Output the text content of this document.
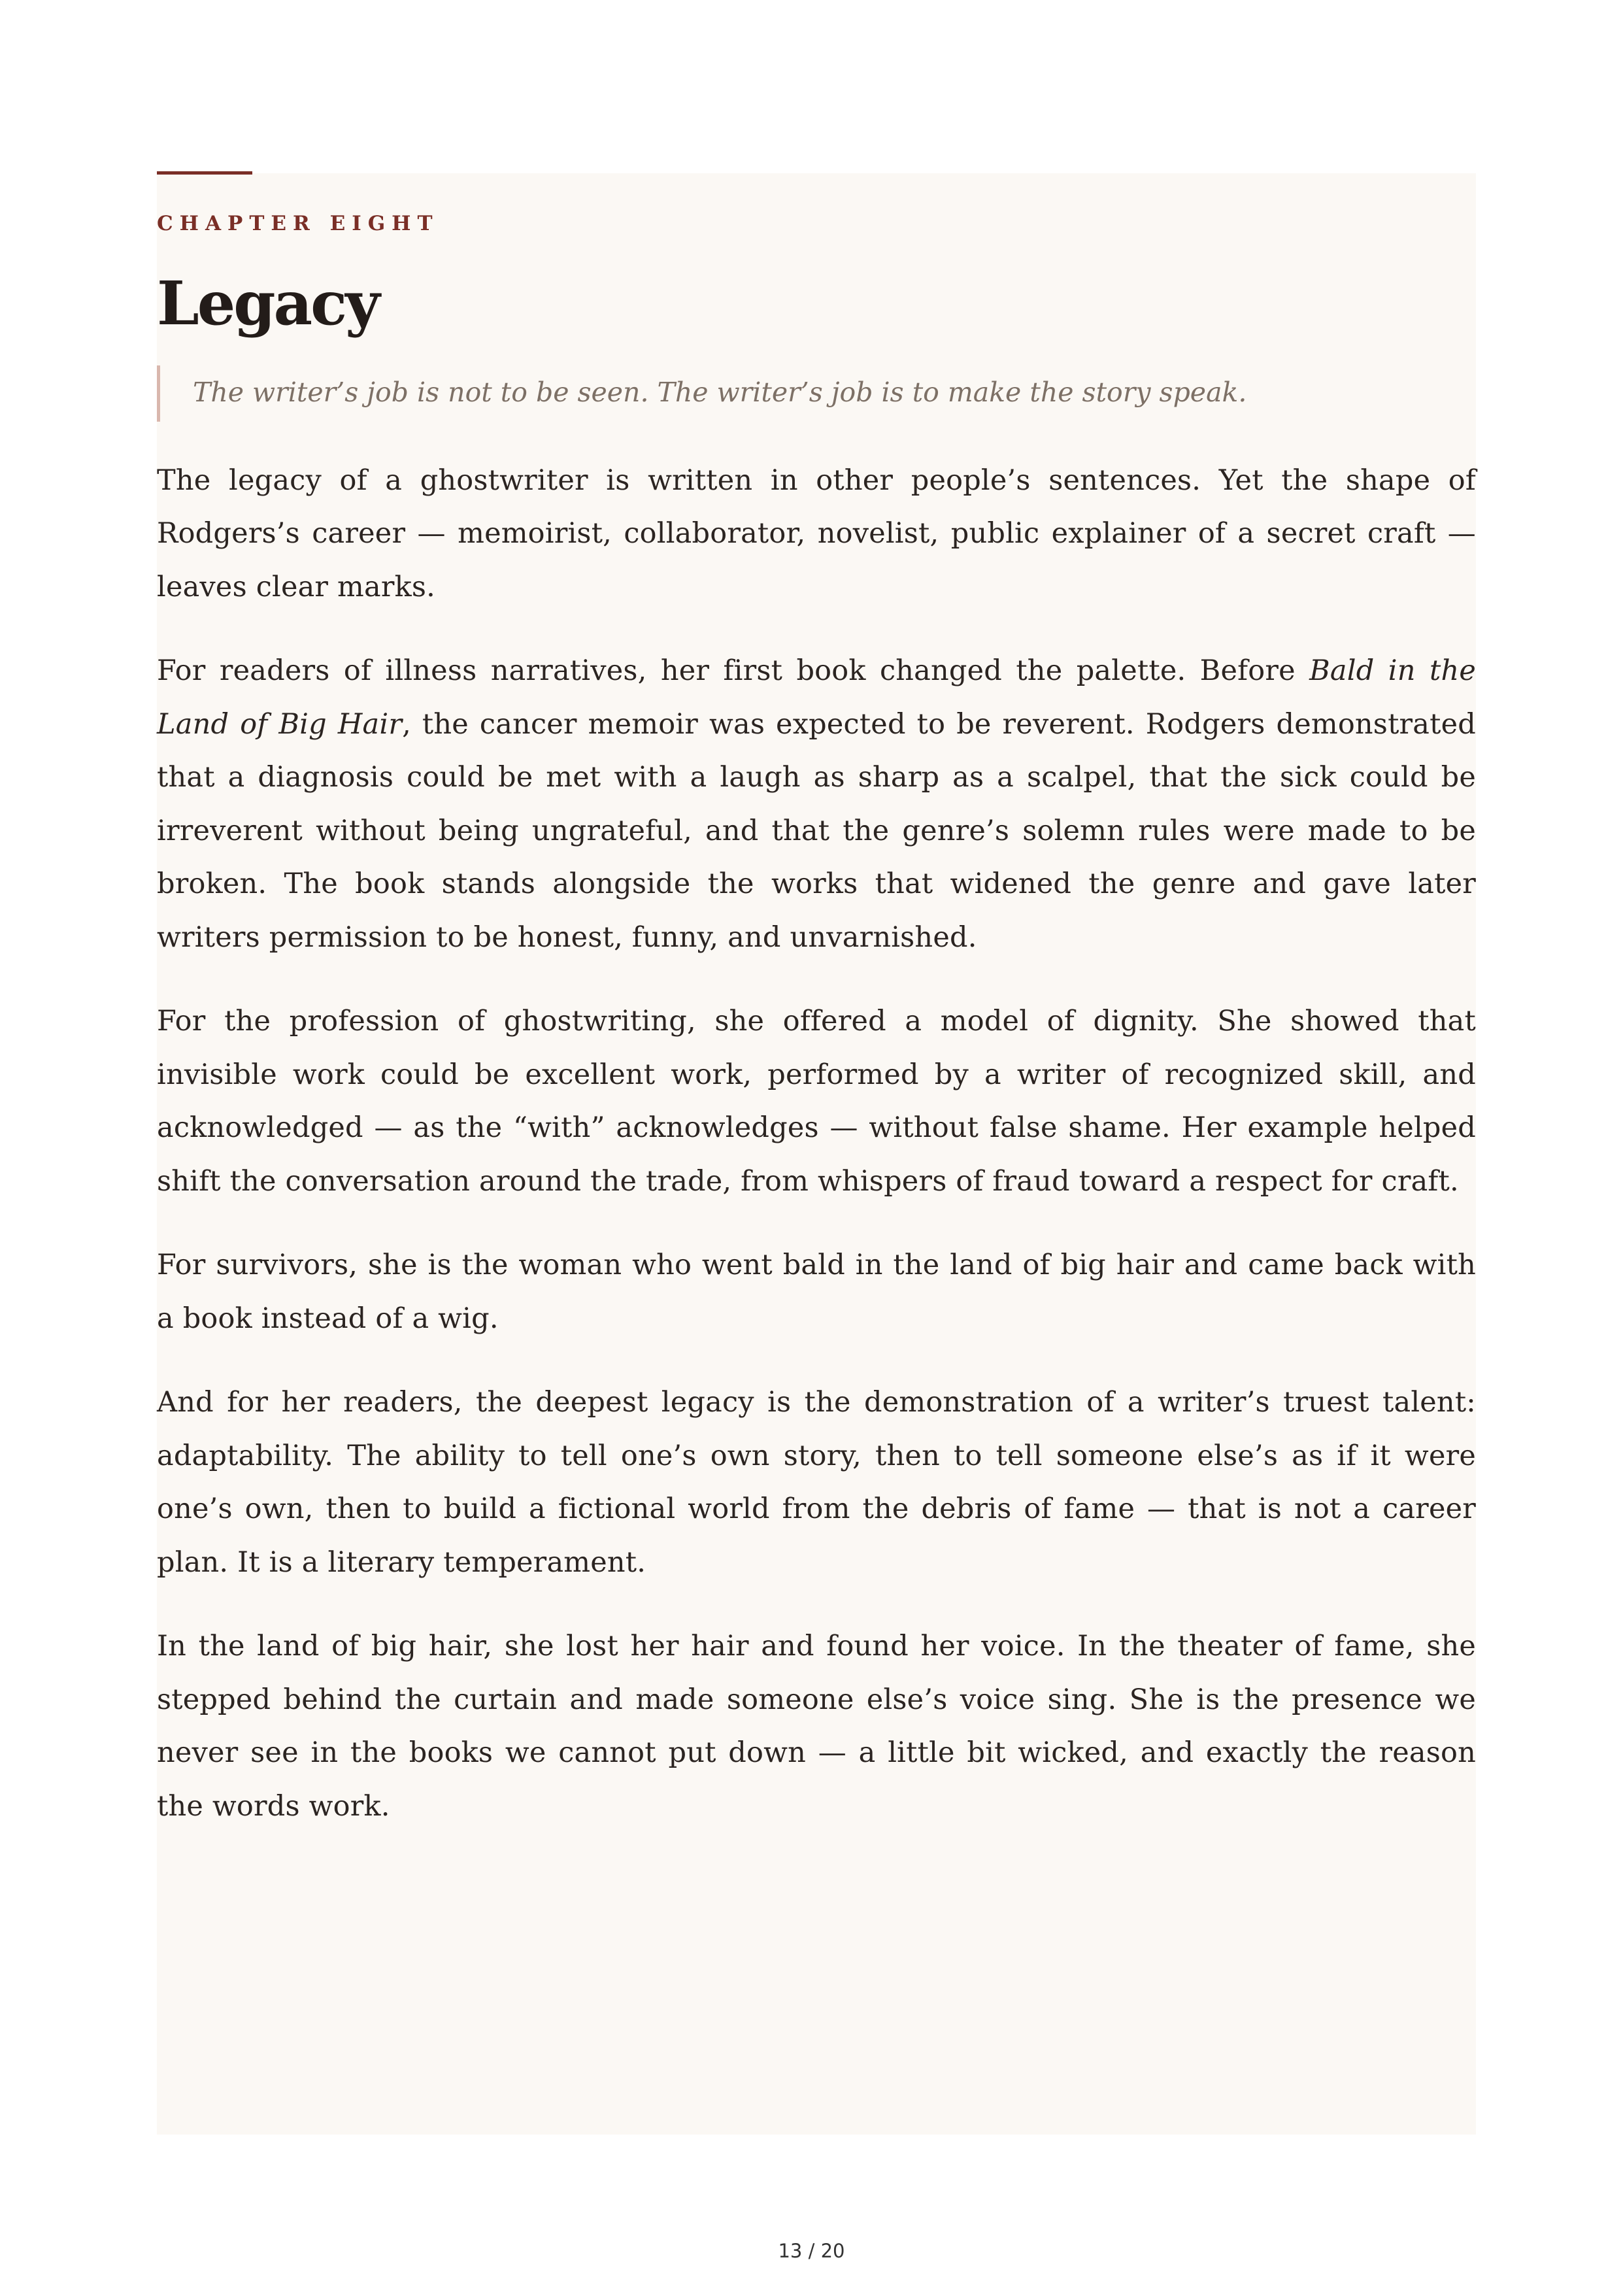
CHAPTER EIGHT
Legacy
The writer’s job is not to be seen. The writer’s job is to make the story speak.

The legacy of a ghostwriter is written in other people’s sentences. Yet the shape of Rodgers’s career — memoirist, collaborator, novelist, public explainer of a secret craft — leaves clear marks.

For readers of illness narratives, her first book changed the palette. Before Bald in the Land of Big Hair, the cancer memoir was expected to be reverent. Rodgers demonstrated that a diagnosis could be met with a laugh as sharp as a scalpel, that the sick could be irreverent without being ungrateful, and that the genre’s solemn rules were made to be broken. The book stands alongside the works that widened the genre and gave later writers permission to be honest, funny, and unvarnished.

For the profession of ghostwriting, she offered a model of dignity. She showed that invisible work could be excellent work, performed by a writer of recognized skill, and acknowledged — as the “with” acknowledges — without false shame. Her example helped shift the conversation around the trade, from whispers of fraud toward a respect for craft.

For survivors, she is the woman who went bald in the land of big hair and came back with a book instead of a wig.

And for her readers, the deepest legacy is the demonstration of a writer’s truest talent: adaptability. The ability to tell one’s own story, then to tell someone else’s as if it were one’s own, then to build a fictional world from the debris of fame — that is not a career plan. It is a literary temperament.

In the land of big hair, she lost her hair and found her voice. In the theater of fame, she stepped behind the curtain and made someone else’s voice sing. She is the presence we never see in the books we cannot put down — a little bit wicked, and exactly the reason the words work.

13 / 20
